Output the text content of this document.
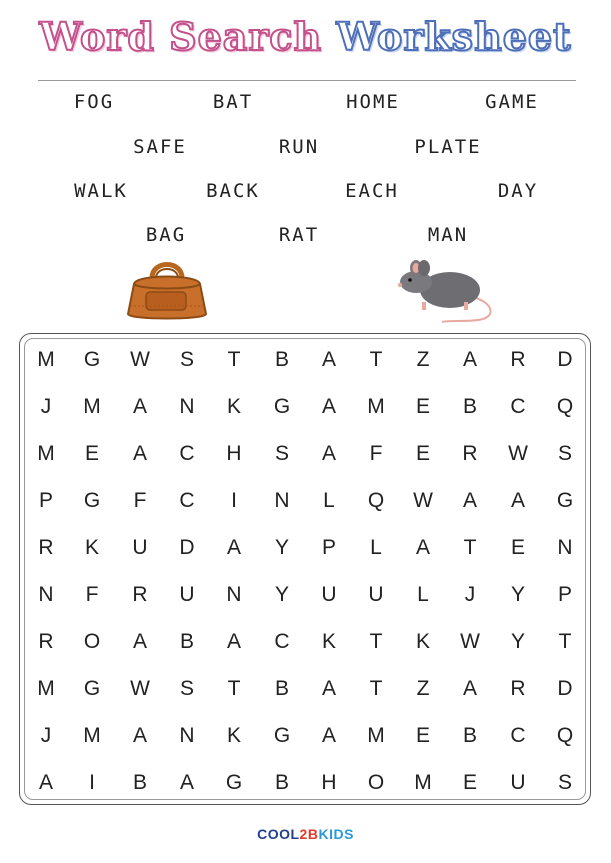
Word Search Worksheet
FOG	BAT	HOME	GAME
SAFE	RUN	PLATE
WALK	BACK	EACH	DAY
BAG	RAT	MAN
M	G	W	S	T	B	A	T	Z	A	R	D
J	M	A	N	K	G	A	M	E	B	C	Q
M	E	A	C	H	S	A	F	E	R	W	S
P	G	F	C	I	N	L	Q	W	A	A	G
R	K	U	D	A	Y	P	L	A	T	E	N
N	F	R	U	N	Y	U	U	L	J	Y	P
R	O	A	B	A	C	K	T	K	W	Y	T
M	G	W	S	T	B	A	T	Z	A	R	D
J	M	A	N	K	G	A	M	E	B	C	Q
A	I	B	A	G	B	H	O	M	E	U	S
COOL2BKIDS
